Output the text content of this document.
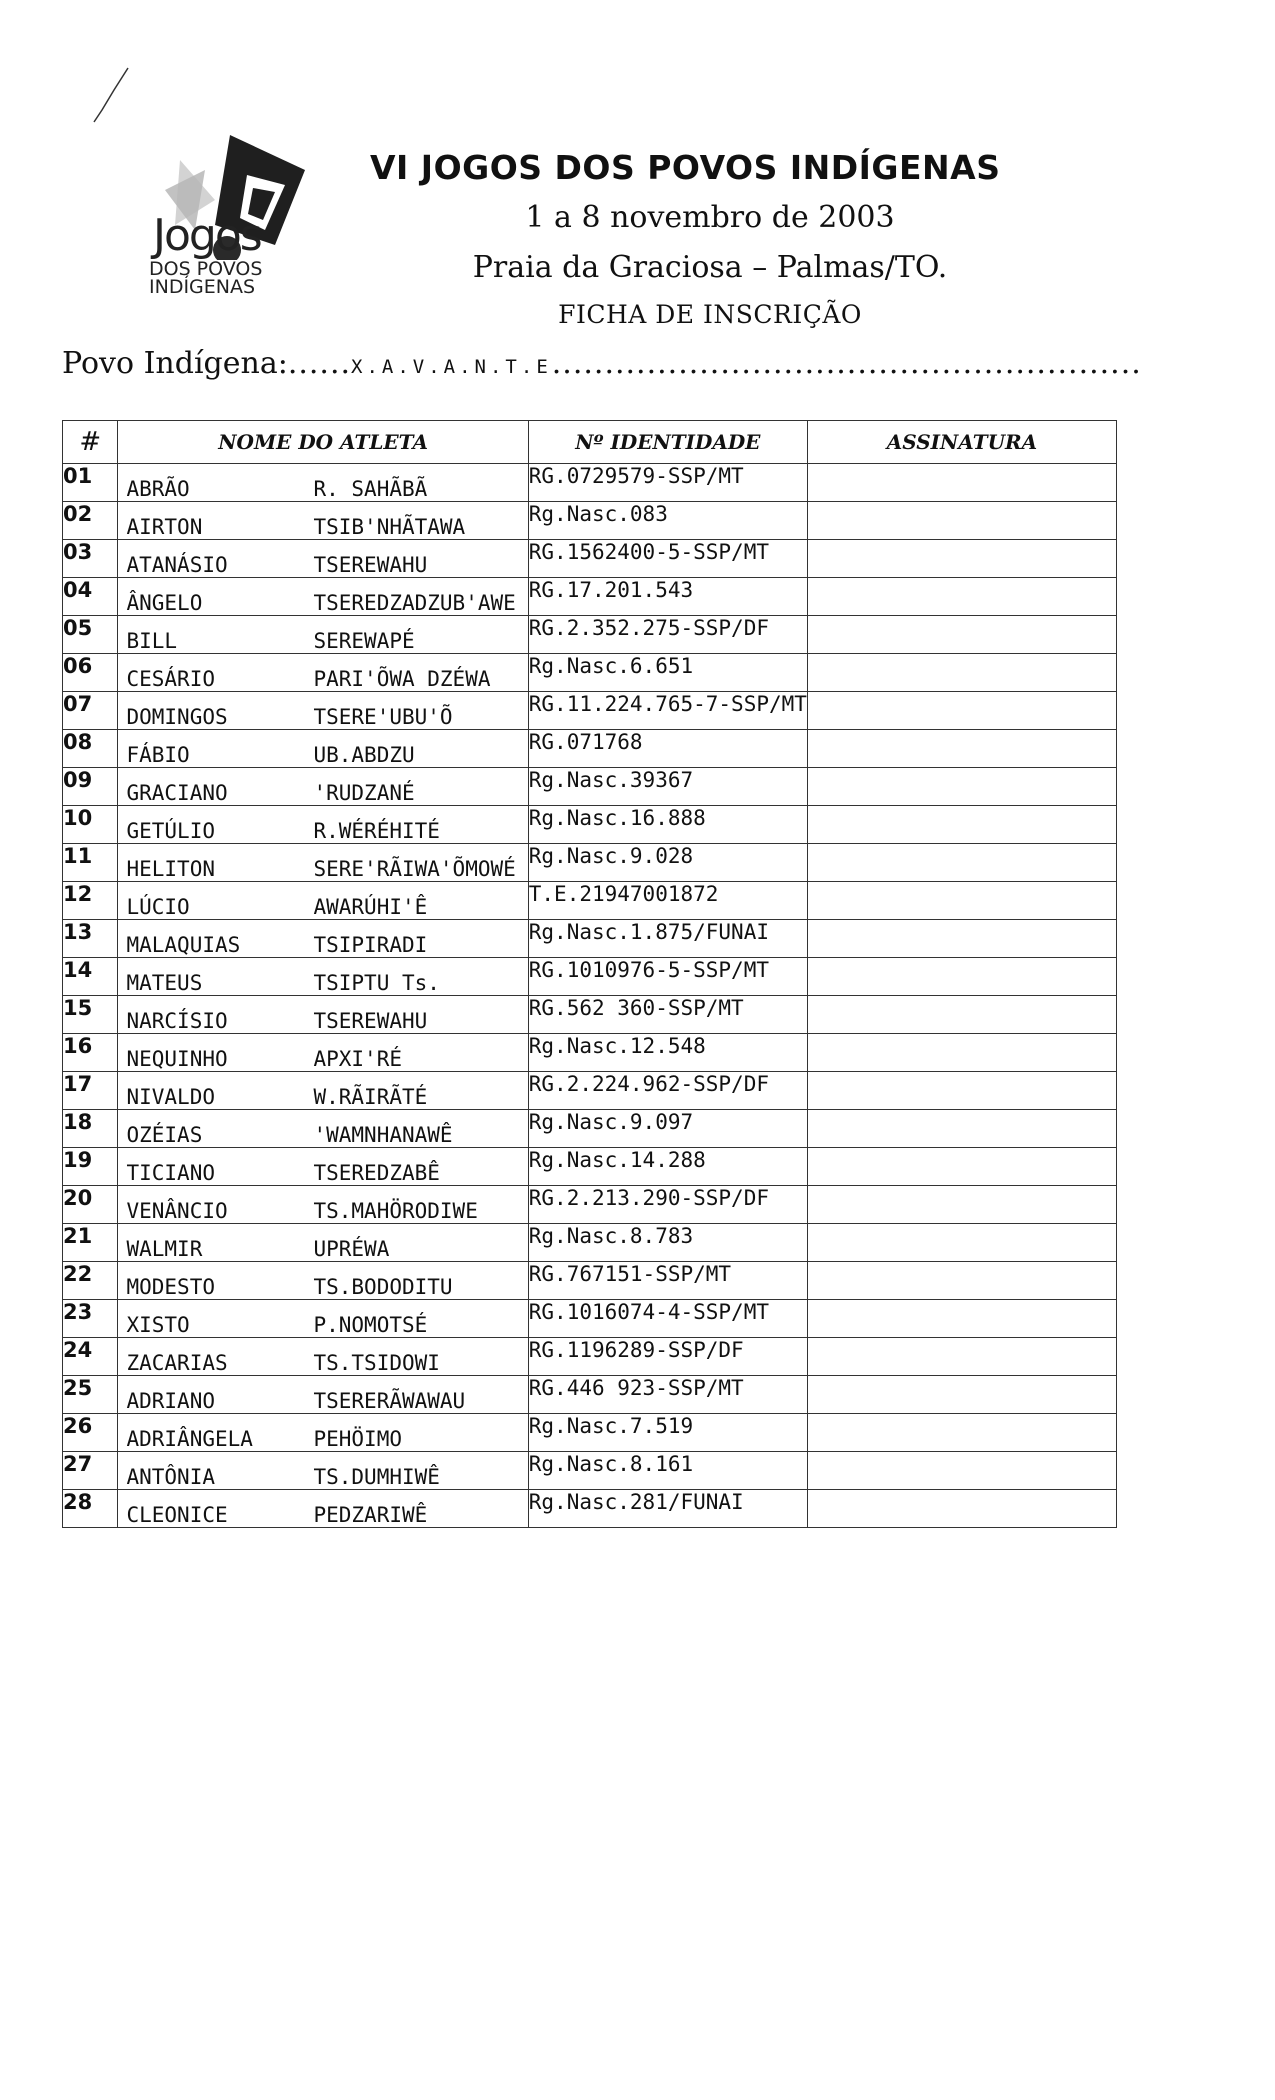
Jogos
DOS POVOS
INDÍGENAS
VI JOGOS DOS POVOS INDÍGENAS

1 a 8 novembro de 2003

Praia da Graciosa – Palmas/TO.

FICHA DE INSCRIÇÃO

Povo Indígena:......X.A.V.A.N.T.E........................................................
#	NOME DO ATLETA	Nº IDENTIDADE	ASSINATURA
01	ABRÃO R. SAHÃBÃ	RG.0729579-SSP/MT	
02	AIRTON TSIB'NHÃTAWA	Rg.Nasc.083	
03	ATANÁSIO TSEREWAHU	RG.1562400-5-SSP/MT	
04	ÂNGELO TSEREDZADZUB'AWE	RG.17.201.543	
05	BILL SEREWAPÉ	RG.2.352.275-SSP/DF	
06	CESÁRIO PARI'ÕWA DZÉWA	Rg.Nasc.6.651	
07	DOMINGOS TSERE'UBU'Õ	RG.11.224.765-7-SSP/MT	
08	FÁBIO UB.ABDZU	RG.071768	
09	GRACIANO 'RUDZANÉ	Rg.Nasc.39367	
10	GETÚLIO R.WÉRÉHITÉ	Rg.Nasc.16.888	
11	HELITON SERE'RÃIWA'ÕMOWÉ	Rg.Nasc.9.028	
12	LÚCIO AWARÚHI'Ê	T.E.21947001872	
13	MALAQUIAS TSIPIRADI	Rg.Nasc.1.875/FUNAI	
14	MATEUS TSIPTU Ts.	RG.1010976-5-SSP/MT	
15	NARCÍSIO TSEREWAHU	RG.562 360-SSP/MT	
16	NEQUINHO APXI'RÉ	Rg.Nasc.12.548	
17	NIVALDO W.RÃIRÃTÉ	RG.2.224.962-SSP/DF	
18	OZÉIAS 'WAMNHANAWÊ	Rg.Nasc.9.097	
19	TICIANO TSEREDZABÊ	Rg.Nasc.14.288	
20	VENÂNCIO TS.MAHÖRODIWE	RG.2.213.290-SSP/DF	
21	WALMIR UPRÉWA	Rg.Nasc.8.783	
22	MODESTO TS.BODODITU	RG.767151-SSP/MT	
23	XISTO P.NOMOTSÉ	RG.1016074-4-SSP/MT	
24	ZACARIAS TS.TSIDOWI	RG.1196289-SSP/DF	
25	ADRIANO TSERERÃWAWAU	RG.446 923-SSP/MT	
26	ADRIÂNGELA PEHÖIMO	Rg.Nasc.7.519	
27	ANTÔNIA TS.DUMHIWÊ	Rg.Nasc.8.161	
28	CLEONICE PEDZARIWÊ	Rg.Nasc.281/FUNAI	
